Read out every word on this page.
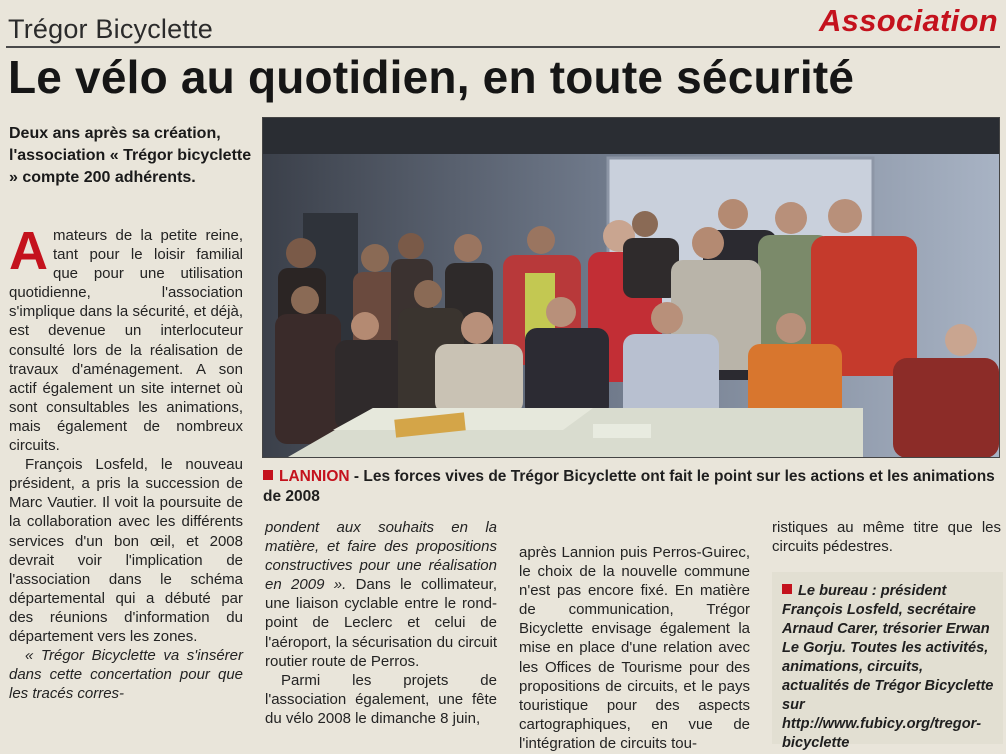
Trégor Bicyclette	Association
Le vélo au quotidien, en toute sécurité
Deux ans après sa création, l'association « Trégor bicyclette » compte 200 adhérents.

Amateurs de la petite reine, tant pour le loisir familial que pour une utilisation quotidienne, l'association s'implique dans la sécurité, et déjà, est devenue un interlocuteur consulté lors de la réalisation de travaux d'aménagement. A son actif également un site internet où sont consultables les animations, mais également de nombreux circuits.

François Losfeld, le nouveau président, a pris la succession de Marc Vautier. Il voit la poursuite de la collaboration avec les différents services d'un bon œil, et 2008 devrait voir l'implication de l'association dans le schéma départemental qui a débuté par des réunions d'information du département vers les zones.

« Trégor Bicyclette va s'insérer dans cette concertation pour que les tracés corres-

LANNION - Les forces vives de Trégor Bicyclette ont fait le point sur les actions et les animations de 2008

pondent aux souhaits en la matière, et faire des propositions constructives pour une réalisation en 2009 ». Dans le collimateur, une liaison cyclable entre le rond-point de Leclerc et celui de l'aéroport, la sécurisation du circuit routier route de Perros.

Parmi les projets de l'association également, une fête du vélo 2008 le dimanche 8 juin,

après Lannion puis Perros-Guirec, le choix de la nouvelle commune n'est pas encore fixé. En matière de communication, Trégor Bicyclette envisage également la mise en place d'une relation avec les Offices de Tourisme pour des propositions de circuits, et le pays touristique pour des aspects cartographiques, en vue de l'intégration de circuits tou-

ristiques au même titre que les circuits pédestres.

Le bureau : président François Losfeld, secrétaire Arnaud Carer, trésorier Erwan Le Gorju. Toutes les activités, animations, circuits, actualités de Trégor Bicyclette sur http://www.fubicy.org/tregor-bicyclette
